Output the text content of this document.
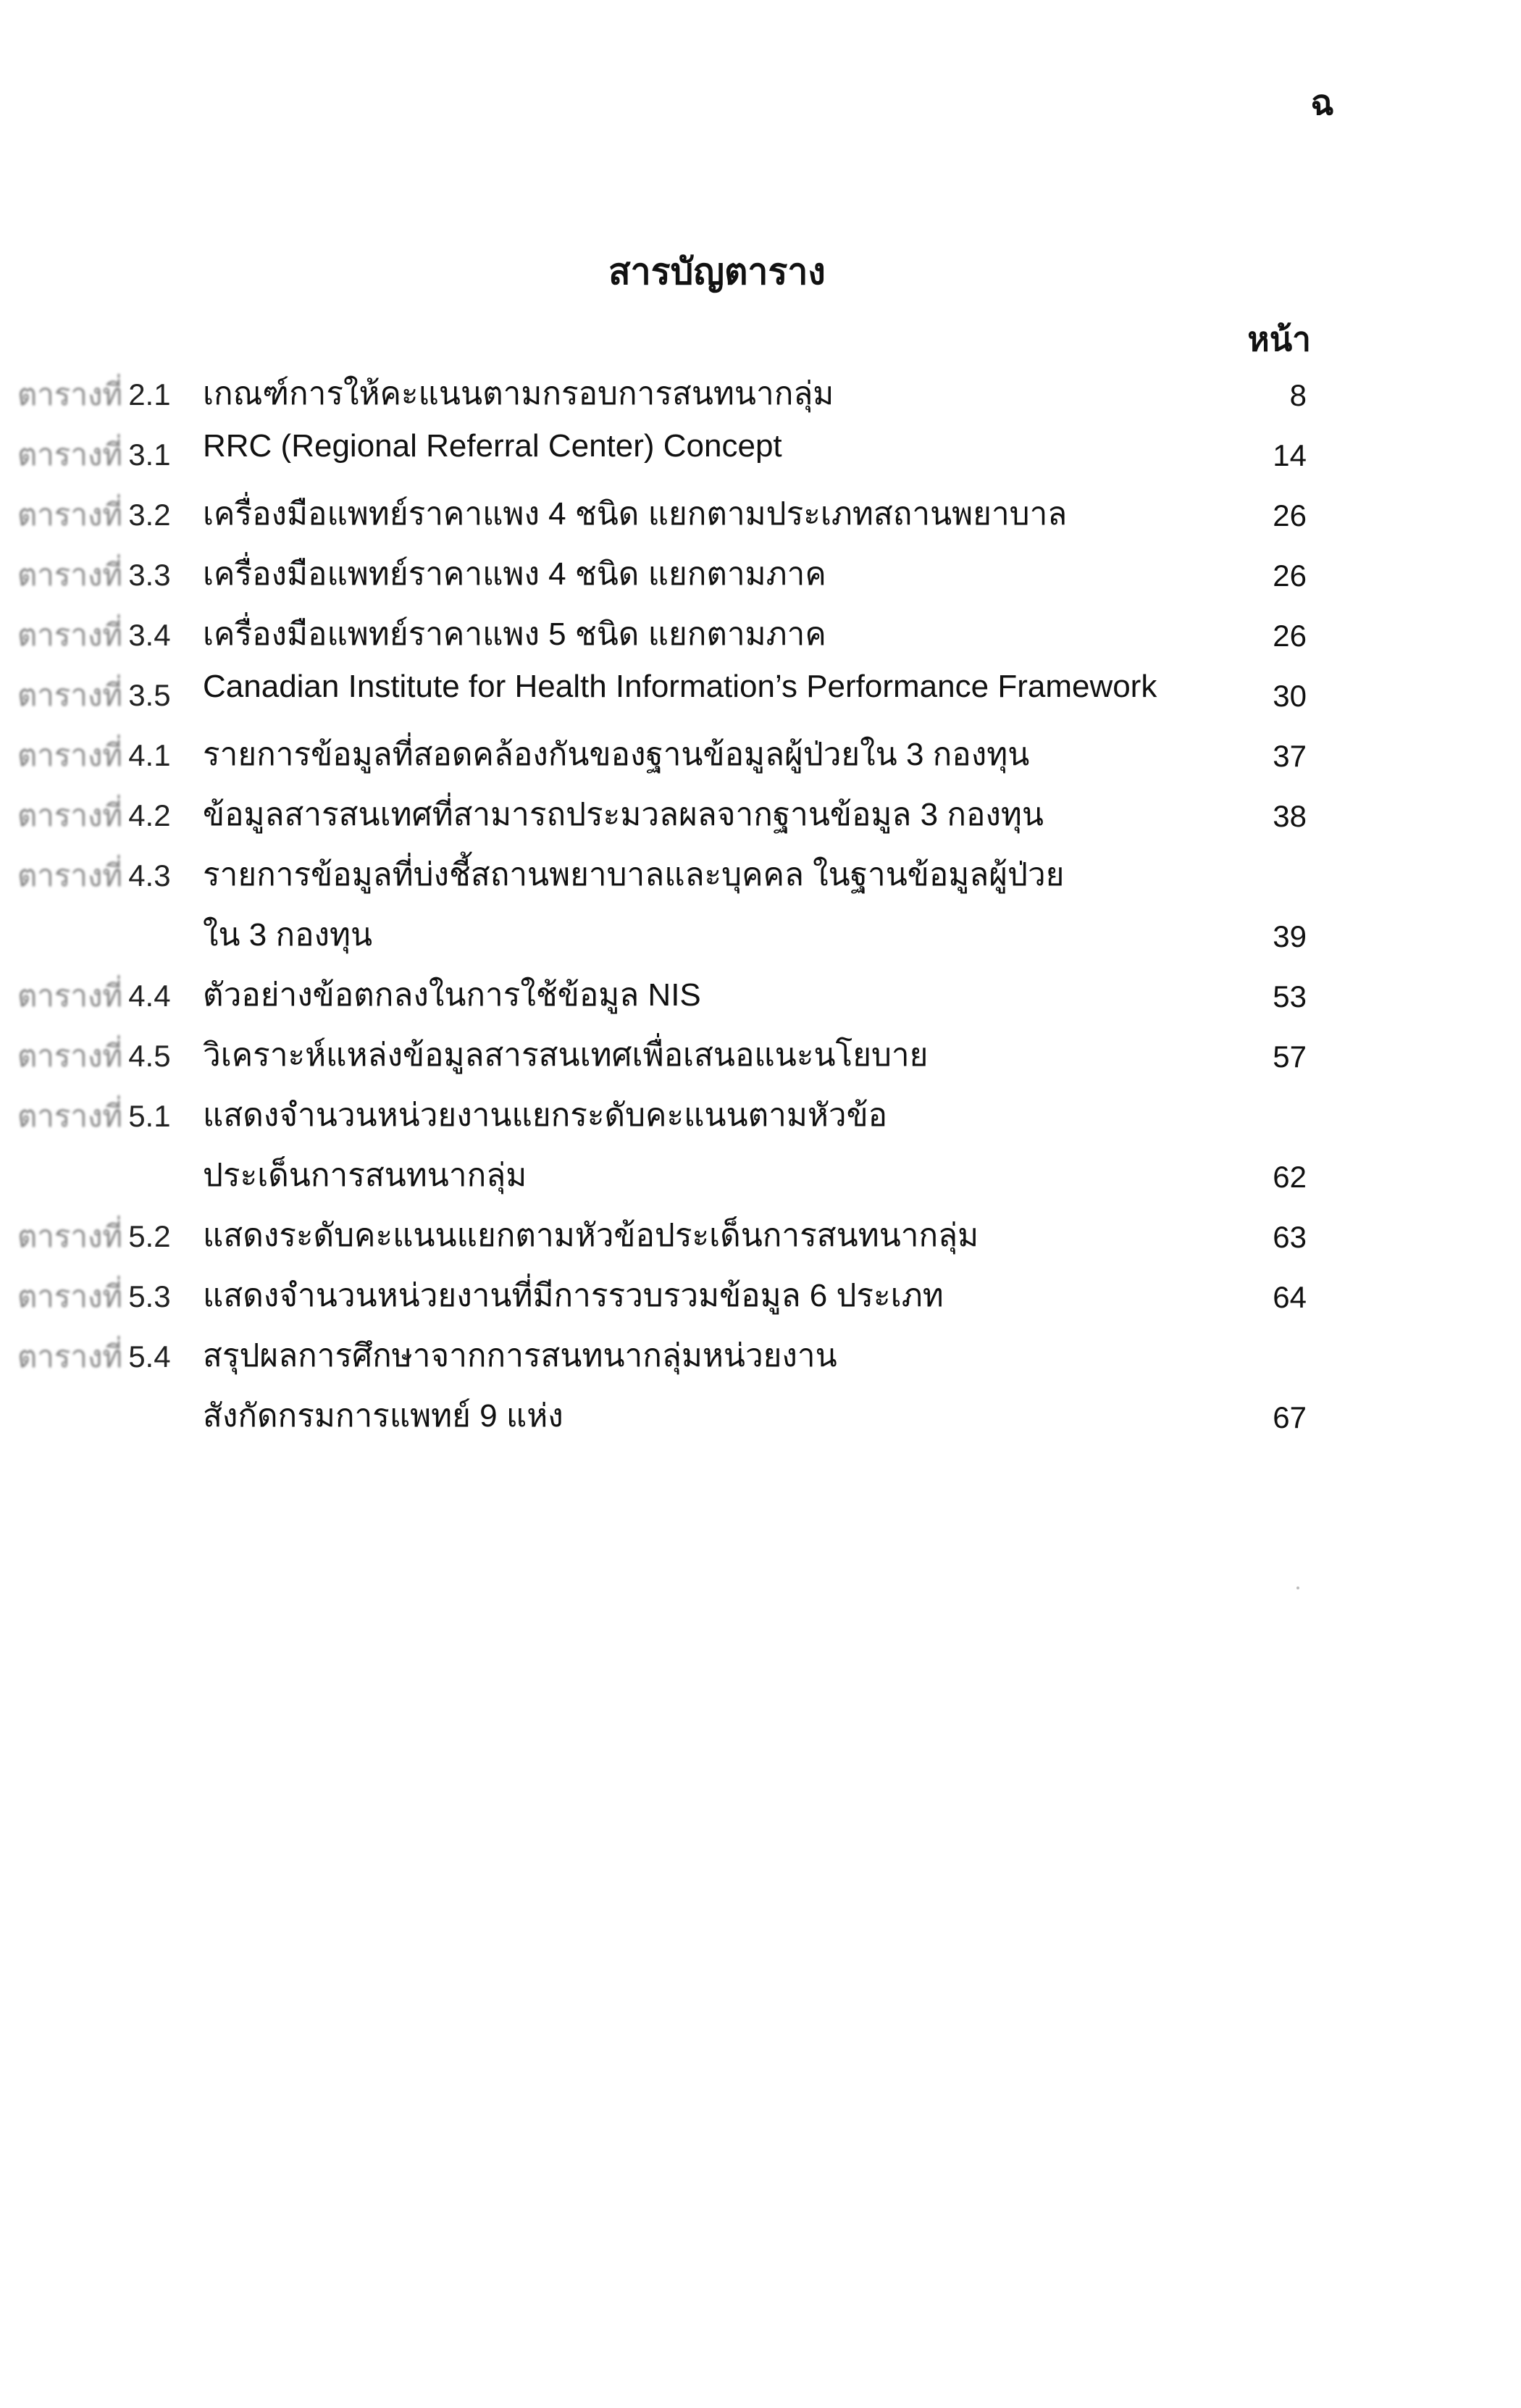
ฉ
สารบัญตาราง
หน้า
ตารางที่ 2.1 เกณฑ์การให้คะแนนตามกรอบการสนทนากลุ่ม	8
ตารางที่ 3.1 RRC (Regional Referral Center) Concept	14
ตารางที่ 3.2 เครื่องมือแพทย์ราคาแพง 4 ชนิด แยกตามประเภทสถานพยาบาล	26
ตารางที่ 3.3 เครื่องมือแพทย์ราคาแพง 4 ชนิด แยกตามภาค	26
ตารางที่ 3.4 เครื่องมือแพทย์ราคาแพง 5 ชนิด แยกตามภาค	26
ตารางที่ 3.5 Canadian Institute for Health Information’s Performance Framework	30
ตารางที่ 4.1 รายการข้อมูลที่สอดคล้องกันของฐานข้อมูลผู้ป่วยใน 3 กองทุน	37
ตารางที่ 4.2 ข้อมูลสารสนเทศที่สามารถประมวลผลจากฐานข้อมูล 3 กองทุน	38
ตารางที่ 4.3 รายการข้อมูลที่บ่งชี้สถานพยาบาลและบุคคล ในฐานข้อมูลผู้ป่วย
ใน 3 กองทุน	39
ตารางที่ 4.4 ตัวอย่างข้อตกลงในการใช้ข้อมูล NIS	53
ตารางที่ 4.5 วิเคราะห์แหล่งข้อมูลสารสนเทศเพื่อเสนอแนะนโยบาย	57
ตารางที่ 5.1 แสดงจำนวนหน่วยงานแยกระดับคะแนนตามหัวข้อ
ประเด็นการสนทนากลุ่ม	62
ตารางที่ 5.2 แสดงระดับคะแนนแยกตามหัวข้อประเด็นการสนทนากลุ่ม	63
ตารางที่ 5.3 แสดงจำนวนหน่วยงานที่มีการรวบรวมข้อมูล 6 ประเภท	64
ตารางที่ 5.4 สรุปผลการศึกษาจากการสนทนากลุ่มหน่วยงาน
สังกัดกรมการแพทย์ 9 แห่ง	67
